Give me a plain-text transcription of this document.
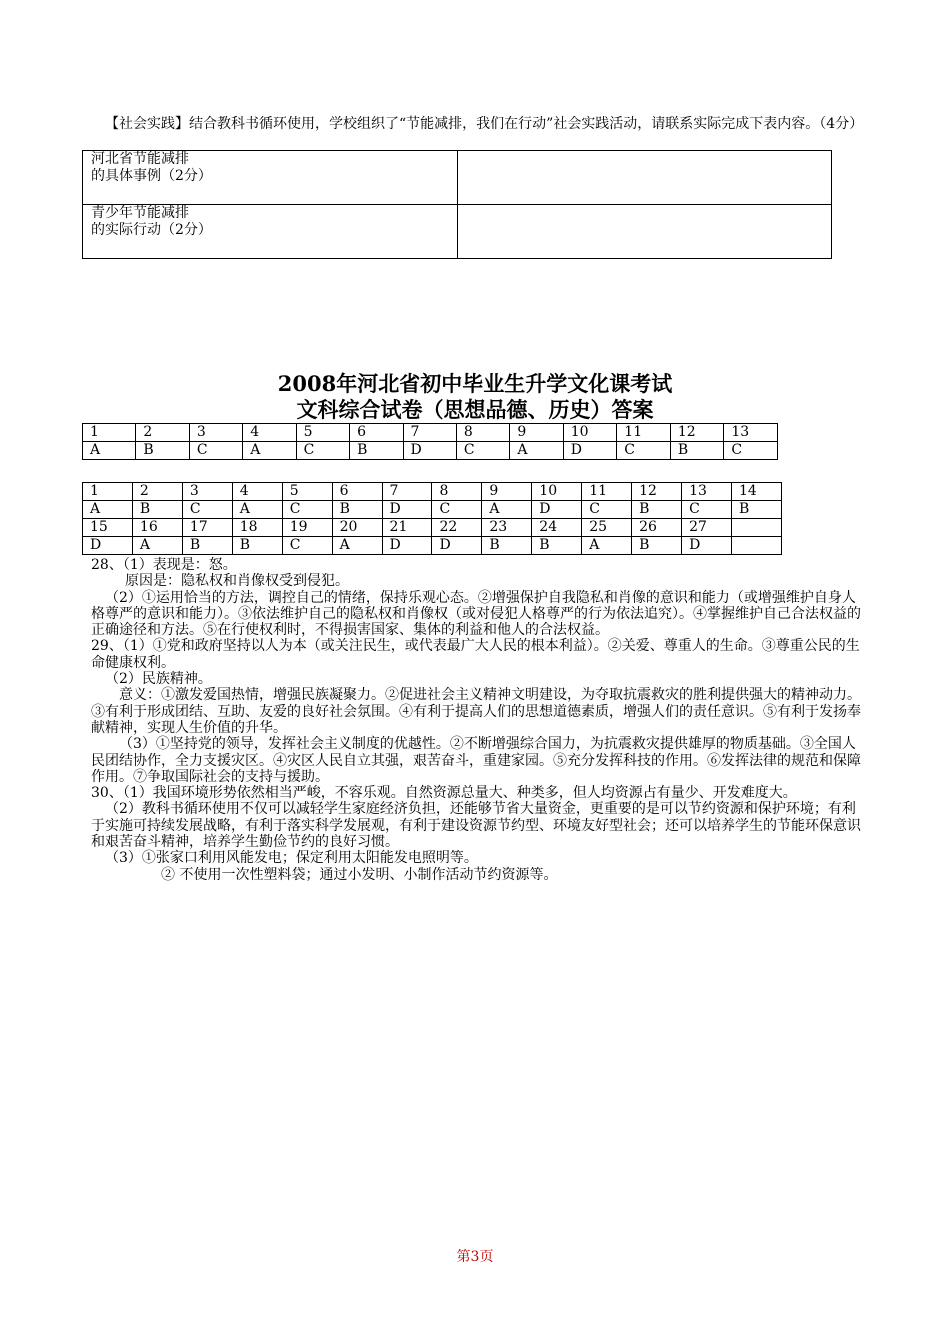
【社会实践】结合教科书循环使用，学校组织了“节能减排，我们在行动”社会实践活动，请联系实际完成下表内容。（4分）
河北省节能减排
的具体事例（2分）	

青少年节能减排
的实际行动（2分）	

2008年河北省初中毕业生升学文化课考试
文科综合试卷（思想品德、历史）答案
1	2	3	4	5	6	7	8	9	10	11	12	13
A	B	C	A	C	B	D	C	A	D	C	B	C
1	2	3	4	5	6	7	8	9	10	11	12	13	14
A	B	C	A	C	B	D	C	A	D	C	B	C	B
15	16	17	18	19	20	21	22	23	24	25	26	27	
D	A	B	B	C	A	D	D	B	B	A	B	D	

28、（1）表现是：怒。

原因是：隐私权和肖像权受到侵犯。

（2）①运用恰当的方法，调控自己的情绪，保持乐观心态。②增强保护自我隐私和肖像的意识和能力（或增强维护自身人格尊严的意识和能力）。③依法维护自己的隐私权和肖像权（或对侵犯人格尊严的行为依法追究）。④掌握维护自己合法权益的正确途径和方法。⑤在行使权利时，不得损害国家、集体的利益和他人的合法权益。

29、（1）①党和政府坚持以人为本（或关注民生，或代表最广大人民的根本利益）。②关爱、尊重人的生命。③尊重公民的生命健康权利。

（2）民族精神。

意义：①激发爱国热情，增强民族凝聚力。②促进社会主义精神文明建设，为夺取抗震救灾的胜利提供强大的精神动力。③有利于形成团结、互助、友爱的良好社会氛围。④有利于提高人们的思想道德素质，增强人们的责任意识。⑤有利于发扬奉献精神，实现人生价值的升华。

（3）①坚持党的领导，发挥社会主义制度的优越性。②不断增强综合国力，为抗震救灾提供雄厚的物质基础。③全国人民团结协作，全力支援灾区。④灾区人民自立其强，艰苦奋斗，重建家园。⑤充分发挥科技的作用。⑥发挥法律的规范和保障作用。⑦争取国际社会的支持与援助。

30、（1）我国环境形势依然相当严峻，不容乐观。自然资源总量大、种类多，但人均资源占有量少、开发难度大。

（2）教科书循环使用不仅可以减轻学生家庭经济负担，还能够节省大量资金，更重要的是可以节约资源和保护环境；有利于实施可持续发展战略，有利于落实科学发展观，有利于建设资源节约型、环境友好型社会；还可以培养学生的节能环保意识和艰苦奋斗精神，培养学生勤俭节约的良好习惯。

（3）①张家口利用风能发电；保定利用太阳能发电照明等。

② 不使用一次性塑料袋；通过小发明、小制作活动节约资源等。

第3页
